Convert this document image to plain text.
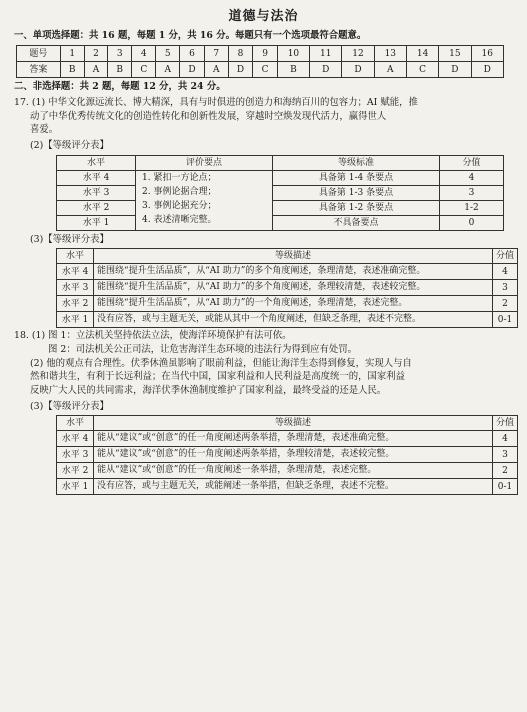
道德与法治
一、单项选择题：共 16 题，每题 1 分，共 16 分。每题只有一个选项最符合题意。
题号	1	2	3	4	5	6	7	8	9	10	11	12	13	14	15	16
答案	B	A	B	C	A	D	A	D	C	B	D	D	A	C	D	D
二、非选择题：共 2 题，每题 12 分，共 24 分。
17. (1) 中华文化源远流长、博大精深，具有与时俱进的创造力和海纳百川的包容力；AI 赋能，推
动了中华优秀传统文化的创造性转化和创新性发展，穿越时空焕发现代活力，赢得世人
喜爱。
(2)【等级评分表】
水平	评价要点	等级标准	分值
水平 4	1. 紧扣一方论点；
2. 事例论据合理；
3. 事例论据充分；
4. 表述清晰完整。	具备第 1-4 条要点	4
水平 3		具备第 1-3 条要点	3
水平 2		具备第 1-2 条要点	1-2
水平 1		不具备要点	0
(3)【等级评分表】
水平	等级描述	分值
水平 4	能围绕“提升生活品质”，从“AI 助力”的多个角度阐述，条理清楚，表述准确完整。	4
水平 3	能围绕“提升生活品质”，从“AI 助力”的多个角度阐述，条理较清楚，表述较完整。	3
水平 2	能围绕“提升生活品质”，从“AI 助力”的一个角度阐述，条理清楚，表述完整。	2
水平 1	没有应答，或与主题无关，或能从其中一个角度阐述，但缺乏条理，表述不完整。	0-1
18. (1) 图 1：立法机关坚持依法立法，使海洋环境保护有法可依。
图 2：司法机关公正司法，让危害海洋生态环境的违法行为得到应有处罚。
(2) 他的观点有合理性。伏季休渔虽影响了眼前利益，但能让海洋生态得到修复，实现人与自
然和谐共生，有利于长远利益；在当代中国，国家利益和人民利益是高度统一的，国家利益
反映广大人民的共同需求，海洋伏季休渔制度维护了国家利益，最终受益的还是人民。
(3)【等级评分表】
水平	等级描述	分值
水平 4	能从“建议”或“创意”的任一角度阐述两条举措，条理清楚，表述准确完整。	4
水平 3	能从“建议”或“创意”的任一角度阐述两条举措，条理较清楚，表述较完整。	3
水平 2	能从“建议”或“创意”的任一角度阐述一条举措，条理清楚，表述完整。	2
水平 1	没有应答，或与主题无关，或能阐述一条举措，但缺乏条理，表述不完整。	0-1
